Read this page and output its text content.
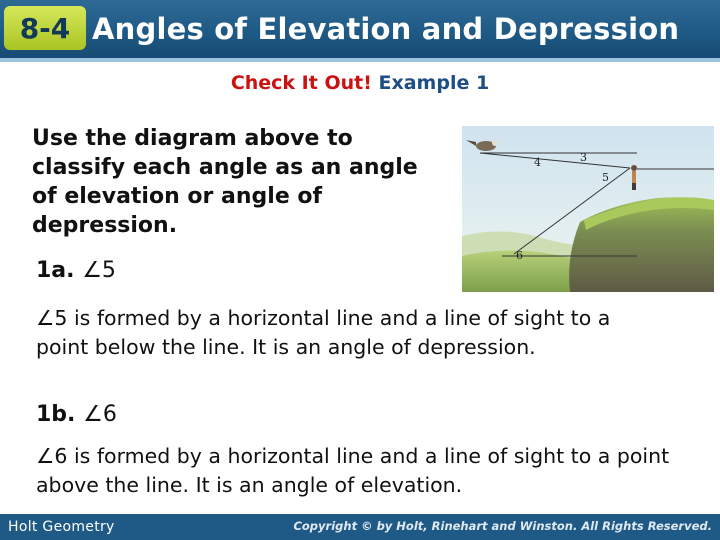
8-4 Angles of Elevation and Depression
Check It Out! Example 1
Use the diagram above to
classify each angle as an angle
of elevation or angle of
depression.
4	3
5
6
1a. ∠5
∠5 is formed by a horizontal line and a line of sight to a point below the line. It is an angle of depression.
1b. ∠6
∠6 is formed by a horizontal line and a line of sight to a point above the line. It is an angle of elevation.
Holt Geometry	Copyright © by Holt, Rinehart and Winston. All Rights Reserved.
